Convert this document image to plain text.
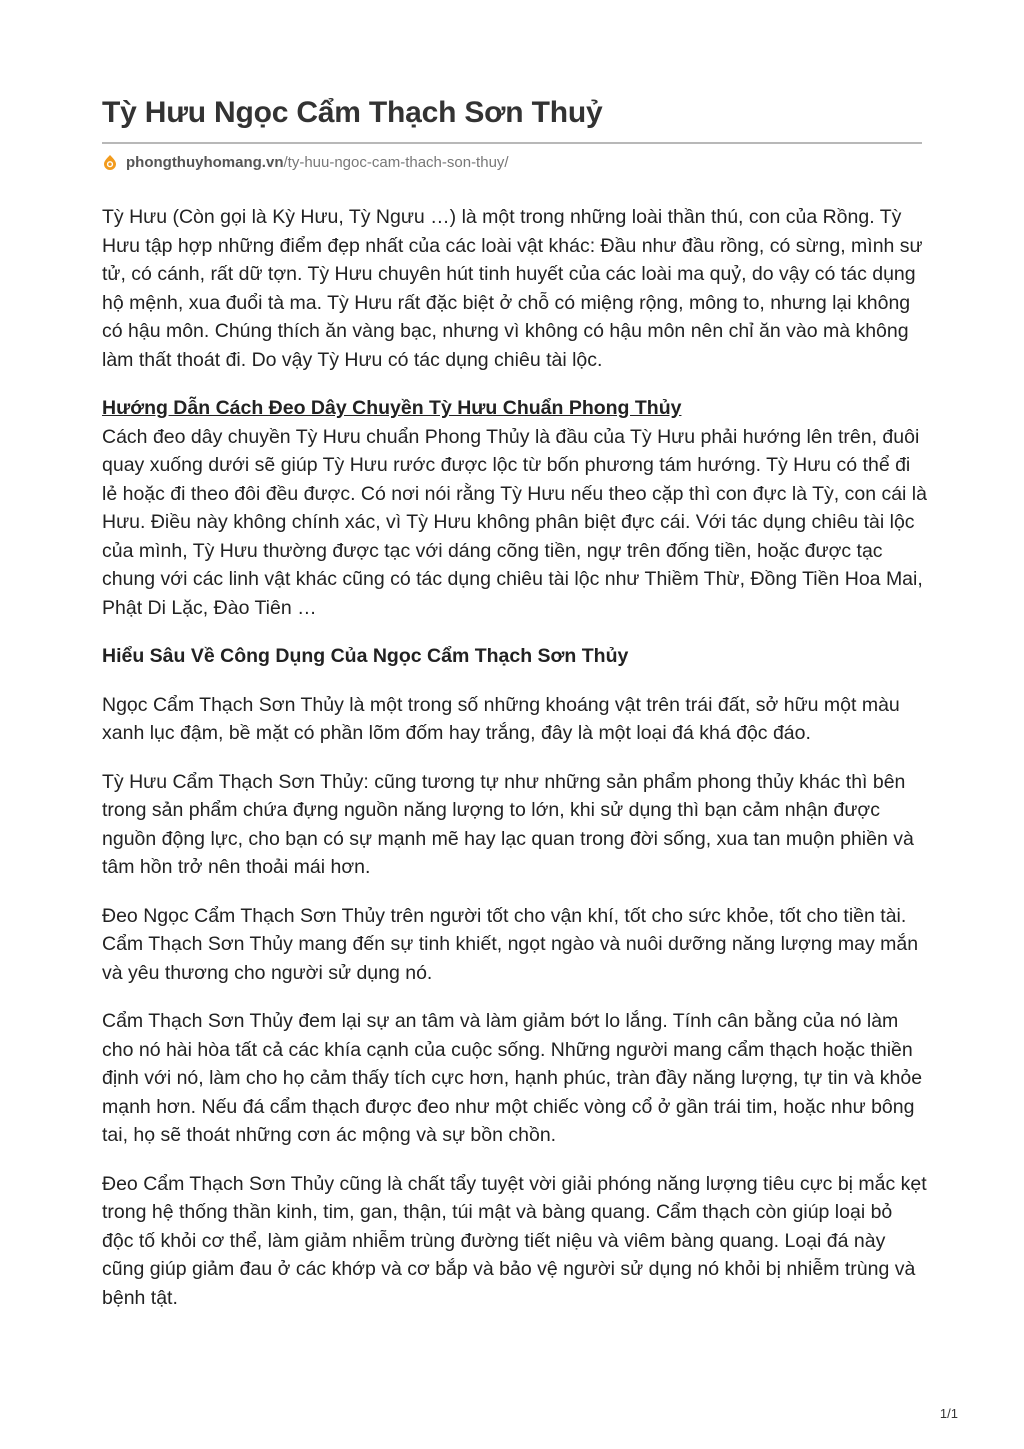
Tỳ Hưu Ngọc Cẩm Thạch Sơn Thuỷ
phongthuyhomang.vn /ty-huu-ngoc-cam-thach-son-thuy/

Tỳ Hưu (Còn gọi là Kỳ Hưu, Tỳ Ngưu …) là một trong những loài thần thú, con của Rồng. Tỳ Hưu tập hợp những điểm đẹp nhất của các loài vật khác: Đầu như đầu rồng, có sừng, mình sư tử, có cánh, rất dữ tợn. Tỳ Hưu chuyên hút tinh huyết của các loài ma quỷ, do vậy có tác dụng hộ mệnh, xua đuổi tà ma. Tỳ Hưu rất đặc biệt ở chỗ có miệng rộng, mông to, nhưng lại không có hậu môn. Chúng thích ăn vàng bạc, nhưng vì không có hậu môn nên chỉ ăn vào mà không làm thất thoát đi. Do vậy Tỳ Hưu có tác dụng chiêu tài lộc.

Hướng Dẫn Cách Đeo Dây Chuyền Tỳ Hưu Chuẩn Phong Thủy
Cách đeo dây chuyền Tỳ Hưu chuẩn Phong Thủy là đầu của Tỳ Hưu phải hướng lên trên, đuôi quay xuống dưới sẽ giúp Tỳ Hưu rước được lộc từ bốn phương tám hướng. Tỳ Hưu có thể đi lẻ hoặc đi theo đôi đều được. Có nơi nói rằng Tỳ Hưu nếu theo cặp thì con đực là Tỳ, con cái là Hưu. Điều này không chính xác, vì Tỳ Hưu không phân biệt đực cái. Với tác dụng chiêu tài lộc của mình, Tỳ Hưu thường được tạc với dáng cõng tiền, ngự trên đống tiền, hoặc được tạc chung với các linh vật khác cũng có tác dụng chiêu tài lộc như Thiềm Thừ, Đồng Tiền Hoa Mai, Phật Di Lặc, Đào Tiên …

Hiểu Sâu Về Công Dụng Của Ngọc Cẩm Thạch Sơn Thủy

Ngọc Cẩm Thạch Sơn Thủy là một trong số những khoáng vật trên trái đất, sở hữu một màu xanh lục đậm, bề mặt có phần lõm đốm hay trắng, đây là một loại đá khá độc đáo.

Tỳ Hưu Cẩm Thạch Sơn Thủy: cũng tương tự như những sản phẩm phong thủy khác thì bên trong sản phẩm chứa đựng nguồn năng lượng to lớn, khi sử dụng thì bạn cảm nhận được nguồn động lực, cho bạn có sự mạnh mẽ hay lạc quan trong đời sống, xua tan muộn phiền và tâm hồn trở nên thoải mái hơn.

Đeo Ngọc Cẩm Thạch Sơn Thủy trên người tốt cho vận khí, tốt cho sức khỏe, tốt cho tiền tài. Cẩm Thạch Sơn Thủy mang đến sự tinh khiết, ngọt ngào và nuôi dưỡng năng lượng may mắn và yêu thương cho người sử dụng nó.

Cẩm Thạch Sơn Thủy đem lại sự an tâm và làm giảm bớt lo lắng. Tính cân bằng của nó làm cho nó hài hòa tất cả các khía cạnh của cuộc sống. Những người mang cẩm thạch hoặc thiền định với nó, làm cho họ cảm thấy tích cực hơn, hạnh phúc, tràn đầy năng lượng, tự tin và khỏe mạnh hơn. Nếu đá cẩm thạch được đeo như một chiếc vòng cổ ở gần trái tim, hoặc như bông tai, họ sẽ thoát những cơn ác mộng và sự bồn chồn.

Đeo Cẩm Thạch Sơn Thủy cũng là chất tẩy tuyệt vời giải phóng năng lượng tiêu cực bị mắc kẹt trong hệ thống thần kinh, tim, gan, thận, túi mật và bàng quang. Cẩm thạch còn giúp loại bỏ độc tố khỏi cơ thể, làm giảm nhiễm trùng đường tiết niệu và viêm bàng quang. Loại đá này cũng giúp giảm đau ở các khớp và cơ bắp và bảo vệ người sử dụng nó khỏi bị nhiễm trùng và bệnh tật.

1/1
